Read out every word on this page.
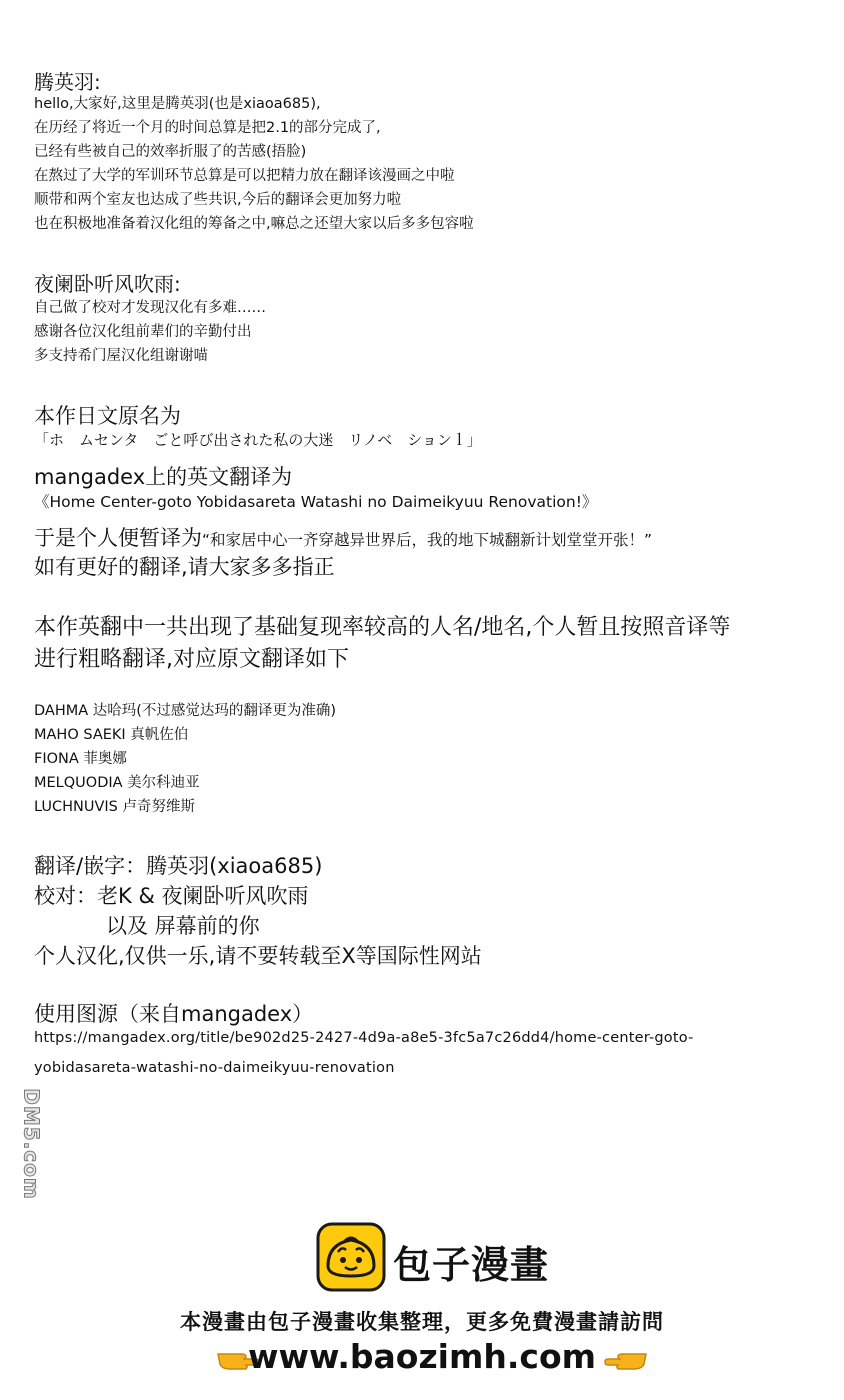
腾英羽:
hello,大家好,这里是腾英羽(也是xiaoa685),
在历经了将近一个月的时间总算是把2.1的部分完成了,
已经有些被自己的效率折服了的苦感(捂脸)
在熬过了大学的军训环节总算是可以把精力放在翻译该漫画之中啦
顺带和两个室友也达成了些共识,今后的翻译会更加努力啦
也在积极地准备着汉化组的筹备之中,嘛总之还望大家以后多多包容啦
夜阑卧听风吹雨:
自己做了校对才发现汉化有多难……
感谢各位汉化组前辈们的辛勤付出
多支持希门屋汉化组谢谢喵
本作日文原名为
「ホ　ムセンタ　ごと呼び出された私の大迷　リノベ　ションｌ」
mangadex上的英文翻译为
《Home Center-goto Yobidasareta Watashi no Daimeikyuu Renovation!》
于是个人便暂译为“和家居中心一齐穿越异世界后，我的地下城翻新计划堂堂开张！”
如有更好的翻译,请大家多多指正
本作英翻中一共出现了基础复现率较高的人名/地名,个人暂且按照音译等
进行粗略翻译,对应原文翻译如下
DAHMA 达哈玛(不过感觉达玛的翻译更为准确)
MAHO SAEKI 真帆佐伯
FIONA 菲奥娜
MELQUODIA 美尔科迪亚
LUCHNUVIS 卢奇努维斯
翻译/嵌字：腾英羽(xiaoa685)
校对：老K & 夜阑卧听风吹雨
以及 屏幕前的你
个人汉化,仅供一乐,请不要转载至X等国际性网站
使用图源（来自mangadex）
https://mangadex.org/title/be902d25-2427-4d9a-a8e5-3fc5a7c26dd4/home-center-goto-
yobidasareta-watashi-no-daimeikyuu-renovation
DM5.com
包子漫畫
本漫畫由包子漫畫收集整理，更多免費漫畫請訪問
www.baozimh.com
